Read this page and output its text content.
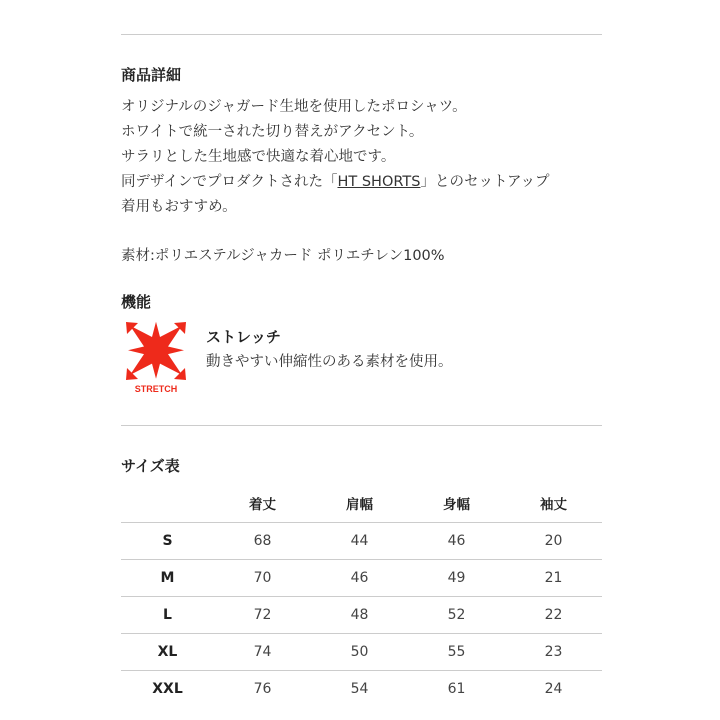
商品詳細
オリジナルのジャガード生地を使用したポロシャツ。
ホワイトで統一された切り替えがアクセント。
サラリとした生地感で快適な着心地です。
同デザインでプロダクトされた「HT SHORTS」とのセットアップ
着用もおすすめ。
素材:ポリエステルジャカード ポリエチレン100%
機能
STRETCH
ストレッチ
動きやすい伸縮性のある素材を使用。
サイズ表
	着丈	肩幅	身幅	袖丈
S	68	44	46	20
M	70	46	49	21
L	72	48	52	22
XL	74	50	55	23
XXL	76	54	61	24
